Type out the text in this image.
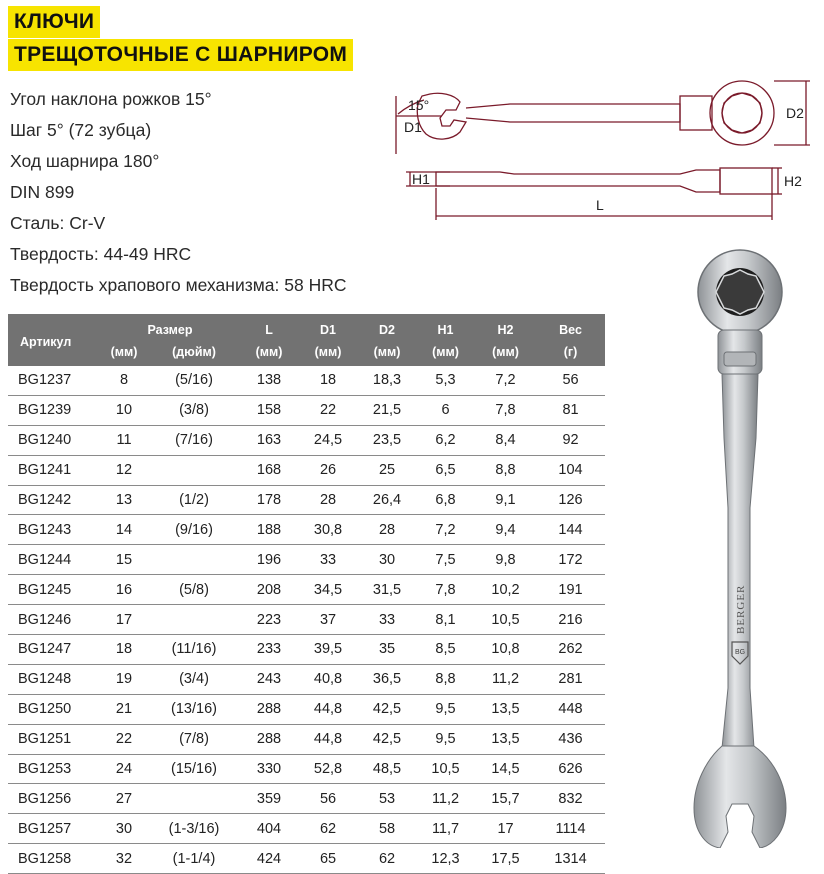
КЛЮЧИ
ТРЕЩОТОЧНЫЕ С ШАРНИРОМ
Угол наклона рожков 15°
Шаг 5° (72 зубца)
Ход шарнира 180°
DIN 899
Сталь: Cr-V
Твердость: 44-49 HRC
Твердость храпового механизма: 58 HRC
15°
D1
D2
H1	H2
L
BG
BERGER
Артикул	Размер		L	D1	D2	H1	H2	Вес
	(мм)	(дюйм)	(мм)	(мм)	(мм)	(мм)	(мм)	(г)
BG1237	8	(5/16)	138	18	18,3	5,3	7,2	56
BG1239	10	(3/8)	158	22	21,5	6	7,8	81
BG1240	11	(7/16)	163	24,5	23,5	6,2	8,4	92
BG1241	12		168	26	25	6,5	8,8	104
BG1242	13	(1/2)	178	28	26,4	6,8	9,1	126
BG1243	14	(9/16)	188	30,8	28	7,2	9,4	144
BG1244	15		196	33	30	7,5	9,8	172
BG1245	16	(5/8)	208	34,5	31,5	7,8	10,2	191
BG1246	17		223	37	33	8,1	10,5	216
BG1247	18	(11/16)	233	39,5	35	8,5	10,8	262
BG1248	19	(3/4)	243	40,8	36,5	8,8	11,2	281
BG1250	21	(13/16)	288	44,8	42,5	9,5	13,5	448
BG1251	22	(7/8)	288	44,8	42,5	9,5	13,5	436
BG1253	24	(15/16)	330	52,8	48,5	10,5	14,5	626
BG1256	27		359	56	53	11,2	15,7	832
BG1257	30	(1-3/16)	404	62	58	11,7	17	1114
BG1258	32	(1-1/4)	424	65	62	12,3	17,5	1314
